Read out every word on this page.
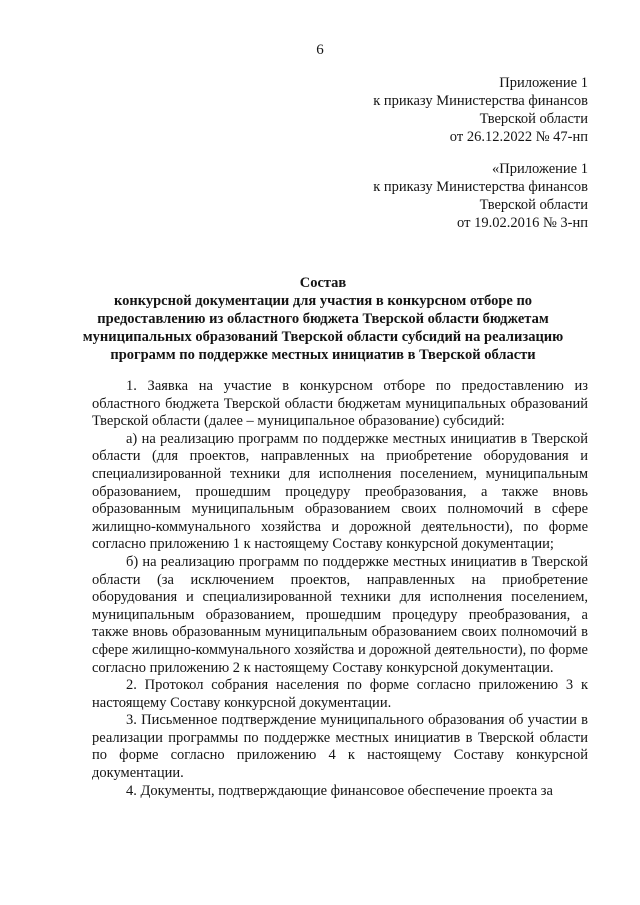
6
Приложение 1
к приказу Министерства финансов
Тверской области
от 26.12.2022 № 47-нп
«Приложение 1
к приказу Министерства финансов
Тверской области
от 19.02.2016 № 3-нп
Состав
конкурсной документации для участия в конкурсном отборе по
предоставлению из областного бюджета Тверской области бюджетам
муниципальных образований Тверской области субсидий на реализацию
программ по поддержке местных инициатив в Тверской области

1. Заявка на участие в конкурсном отборе по предоставлению из областного бюджета Тверской области бюджетам муниципальных образований Тверской области (далее – муниципальное образование) субсидий:

а) на реализацию программ по поддержке местных инициатив в Тверской области (для проектов, направленных на приобретение оборудования и специализированной техники для исполнения поселением, муниципальным образованием, прошедшим процедуру преобразования, а также вновь образованным муниципальным образованием своих полномочий в сфере жилищно-коммунального хозяйства и дорожной деятельности), по форме согласно приложению 1 к настоящему Составу конкурсной документации;

б) на реализацию программ по поддержке местных инициатив в Тверской области (за исключением проектов, направленных на приобретение оборудования и специализированной техники для исполнения поселением, муниципальным образованием, прошедшим процедуру преобразования, а также вновь образованным муниципальным образованием своих полномочий в сфере жилищно-коммунального хозяйства и дорожной деятельности), по форме согласно приложению 2 к настоящему Составу конкурсной документации.

2. Протокол собрания населения по форме согласно приложению 3 к настоящему Составу конкурсной документации.

3. Письменное подтверждение муниципального образования об участии в реализации программы по поддержке местных инициатив в Тверской области по форме согласно приложению 4 к настоящему Составу конкурсной документации.

4. Документы, подтверждающие финансовое обеспечение проекта за
